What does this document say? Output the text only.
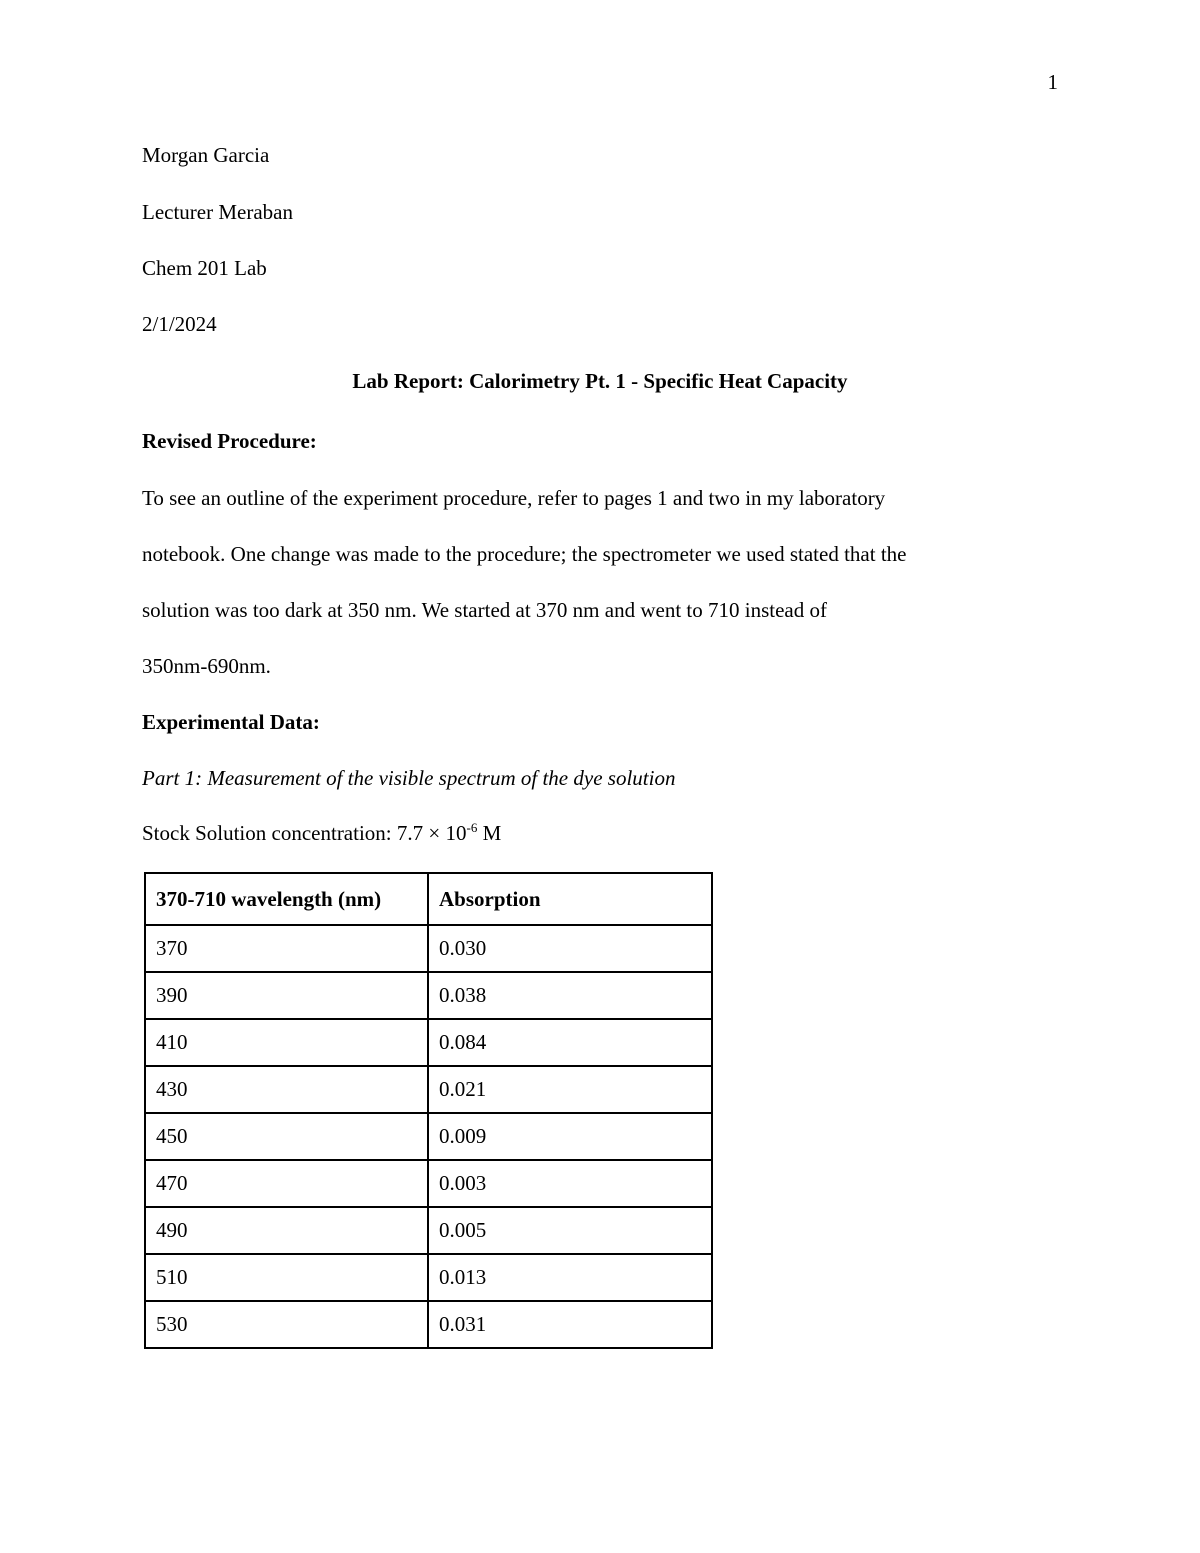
1
Morgan Garcia
Lecturer Meraban
Chem 201 Lab
2/1/2024
Lab Report: Calorimetry Pt. 1 - Specific Heat Capacity
Revised Procedure:
To see an outline of the experiment procedure, refer to pages 1 and two in my laboratory
notebook. One change was made to the procedure; the spectrometer we used stated that the
solution was too dark at 350 nm. We started at 370 nm and went to 710 instead of
350nm-690nm.
Experimental Data:
Part 1: Measurement of the visible spectrum of the dye solution
Stock Solution concentration: $7.7 \times 10^{-6}$ M
370-710 wavelength (nm)	Absorption
370	0.030
390	0.038
410	0.084
430	0.021
450	0.009
470	0.003
490	0.005
510	0.013
530	0.031
